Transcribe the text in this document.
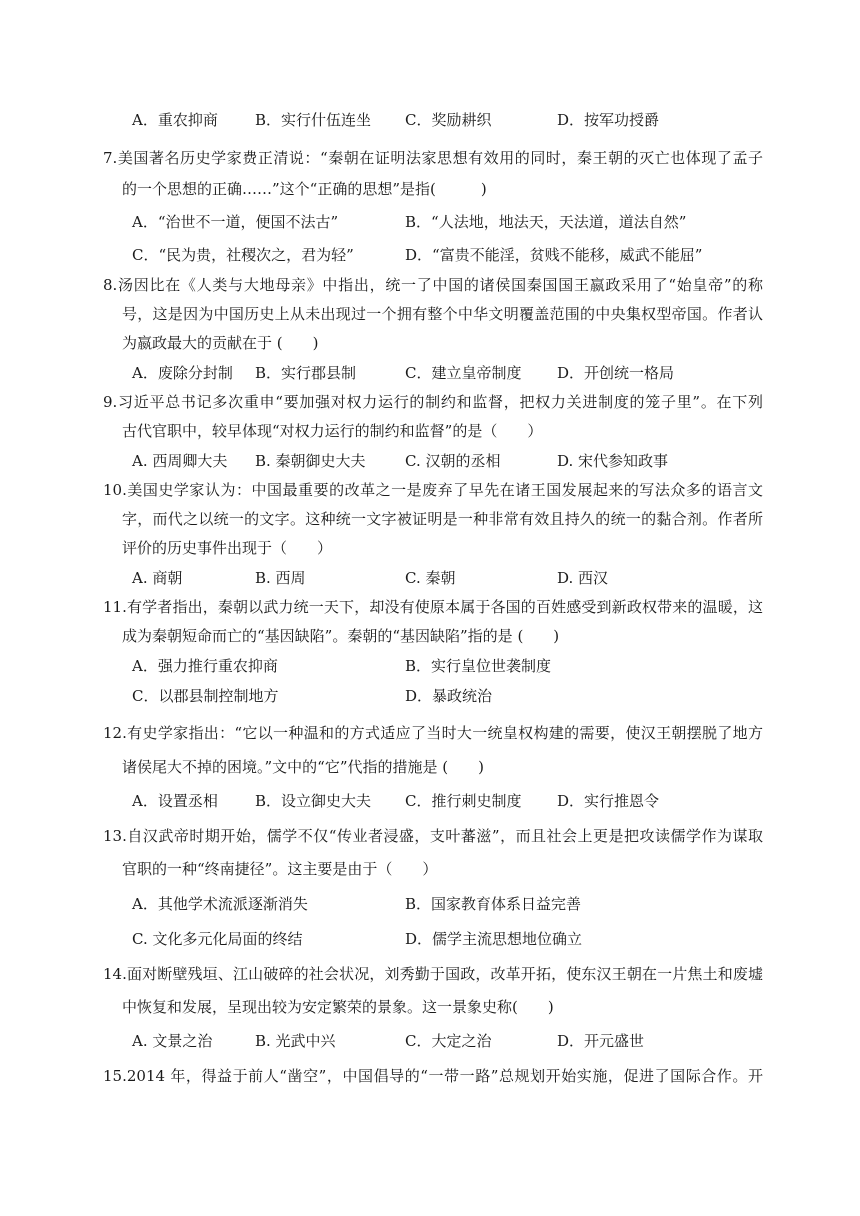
A．重农抑商 B．实行什伍连坐 C．奖励耕织	D．按军功授爵
7.美国著名历史学家费正清说：“秦朝在证明法家思想有效用的同时，秦王朝的灭亡也体现了孟子
的一个思想的正确……”这个“正确的思想”是指(　　　)
A．“治世不一道，便国不法古”	B．“人法地，地法天，天法道，道法自然”
C．“民为贵，社稷次之，君为轻”	D．“富贵不能淫，贫贱不能移，威武不能屈”
8.汤因比在《人类与大地母亲》中指出，统一了中国的诸侯国秦国国王嬴政采用了“始皇帝”的称
号，这是因为中国历史上从未出现过一个拥有整个中华文明覆盖范围的中央集权型帝国。作者认
为嬴政最大的贡献在于 (　　)
A．废除分封制 B．实行郡县制	C．建立皇帝制度 D．开创统一格局
9.习近平总书记多次重申“要加强对权力运行的制约和监督，把权力关进制度的笼子里”。在下列
古代官职中，较早体现“对权力运行的制约和监督”的是（　　）
A. 西周卿大夫 B. 秦朝御史大夫	C. 汉朝的丞相	D. 宋代参知政事
10.美国史学家认为：中国最重要的改革之一是废弃了早先在诸王国发展起来的写法众多的语言文
字，而代之以统一的文字。这种统一文字被证明是一种非常有效且持久的统一的黏合剂。作者所
评价的历史事件出现于（　　）
A. 商朝	B. 西周	C. 秦朝	D. 西汉
11.有学者指出，秦朝以武力统一天下，却没有使原本属于各国的百姓感受到新政权带来的温暖，这
成为秦朝短命而亡的“基因缺陷”。秦朝的“基因缺陷”指的是 (　　)
A．强力推行重农抑商	B．实行皇位世袭制度
C．以郡县制控制地方	D．暴政统治
12.有史学家指出：“它以一种温和的方式适应了当时大一统皇权构建的需要，使汉王朝摆脱了地方
诸侯尾大不掉的困境。”文中的“它”代指的措施是 (　　)
A．设置丞相 B．设立御史大夫 C．推行刺史制度 D．实行推恩令
13.自汉武帝时期开始，儒学不仅“传业者浸盛，支叶蕃滋”，而且社会上更是把攻读儒学作为谋取
官职的一种“终南捷径”。这主要是由于（　　）
A．其他学术流派逐渐消失	B．国家教育体系日益完善
C. 文化多元化局面的终结	D．儒学主流思想地位确立
14.面对断壁残垣、江山破碎的社会状况，刘秀勤于国政，改革开拓，使东汉王朝在一片焦土和废墟
中恢复和发展，呈现出较为安定繁荣的景象。这一景象史称(　　)
A. 文景之治	B. 光武中兴	C．大定之治	D．开元盛世
15.2014 年，得益于前人“凿空”，中国倡导的“一带一路”总规划开始实施，促进了国际合作。开
